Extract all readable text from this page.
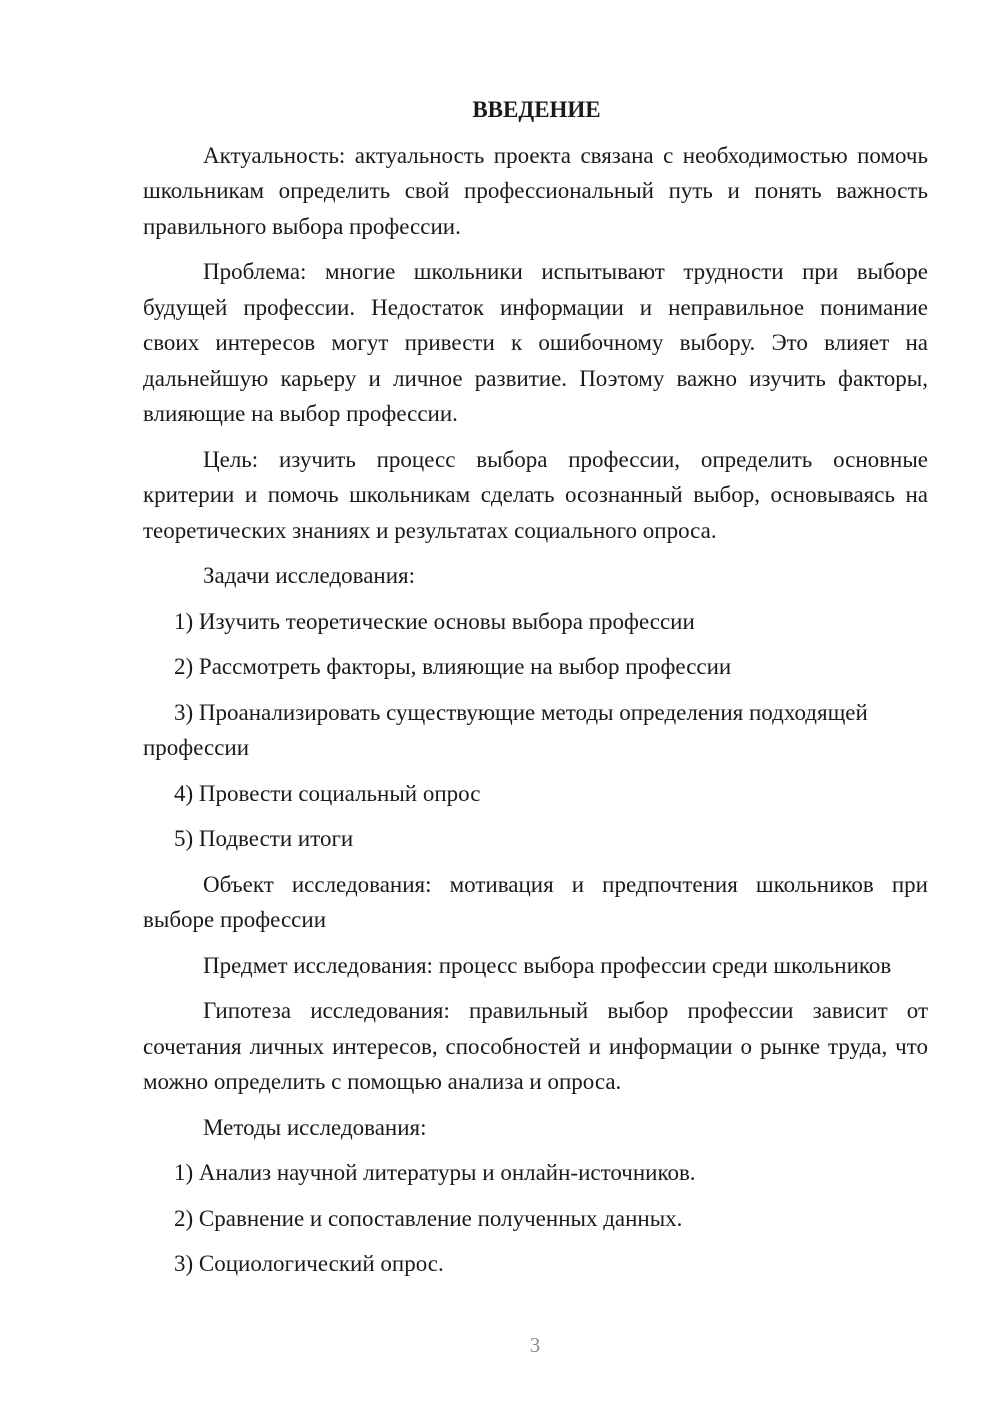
ВВЕДЕНИЕ

Актуальность: актуальность проекта связана с необходимостью помочь школьникам определить свой профессиональный путь и понять важность правильного выбора профессии.

Проблема: многие школьники испытывают трудности при выборе будущей профессии. Недостаток информации и неправильное понимание своих интересов могут привести к ошибочному выбору. Это влияет на дальнейшую карьеру и личное развитие. Поэтому важно изучить факторы, влияющие на выбор профессии.

Цель: изучить процесс выбора профессии, определить основные критерии и помочь школьникам сделать осознанный выбор, основываясь на теоретических знаниях и результатах социального опроса.

Задачи исследования:

1) Изучить теоретические основы выбора профессии

2) Рассмотреть факторы, влияющие на выбор профессии

3) Проанализировать существующие методы определения подходящей профессии

4) Провести социальный опрос

5) Подвести итоги

Объект исследования: мотивация и предпочтения школьников при выборе профессии

Предмет исследования: процесс выбора профессии среди школьников

Гипотеза исследования: правильный выбор профессии зависит от сочетания личных интересов, способностей и информации о рынке труда, что можно определить с помощью анализа и опроса.

Методы исследования:

1) Анализ научной литературы и онлайн-источников.

2) Сравнение и сопоставление полученных данных.

3) Социологический опрос.

3
